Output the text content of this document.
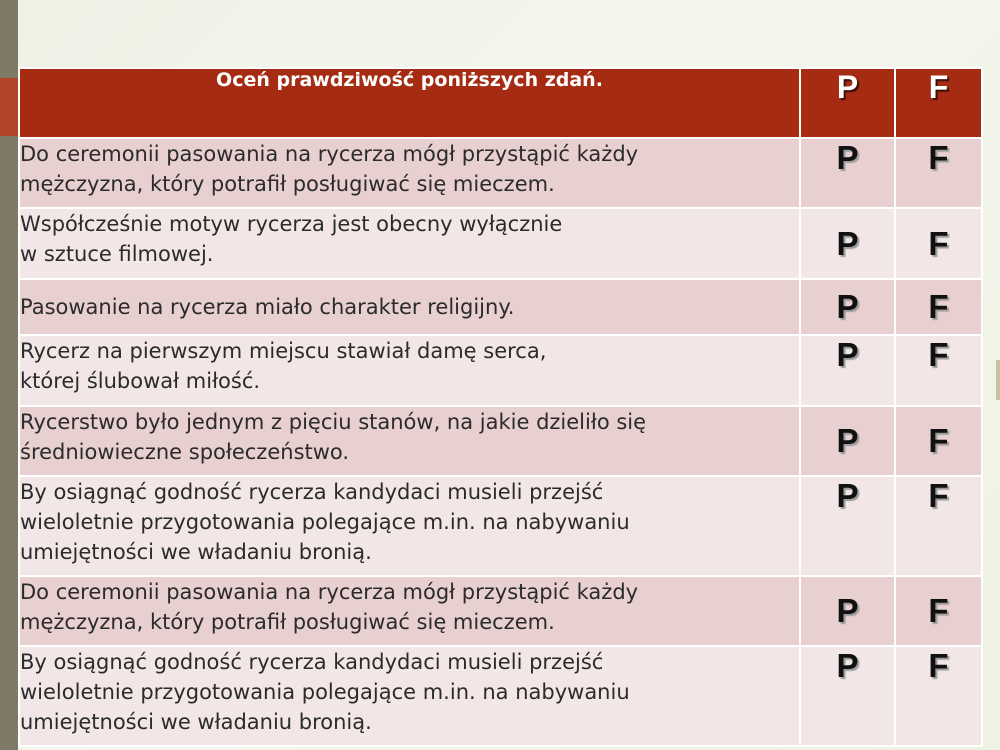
Oceń prawdziwość poniższych zdań.	P	F
Do ceremonii pasowania na rycerza mógł przystąpić każdy
mężczyzna, który potrafił posługiwać się mieczem.	P	F
Współcześnie motyw rycerza jest obecny wyłącznie
w sztuce filmowej.	P	F
Pasowanie na rycerza miało charakter religijny.	P	F
Rycerz na pierwszym miejscu stawiał damę serca,
której ślubował miłość.	P	F
Rycerstwo było jednym z pięciu stanów, na jakie dzieliło się
średniowieczne społeczeństwo.	P	F
By osiągnąć godność rycerza kandydaci musieli przejść
wieloletnie przygotowania polegające m.in. na nabywaniu
umiejętności we władaniu bronią.	P	F
Do ceremonii pasowania na rycerza mógł przystąpić każdy
mężczyzna, który potrafił posługiwać się mieczem.	P	F
By osiągnąć godność rycerza kandydaci musieli przejść
wieloletnie przygotowania polegające m.in. na nabywaniu
umiejętności we władaniu bronią.	P	F
